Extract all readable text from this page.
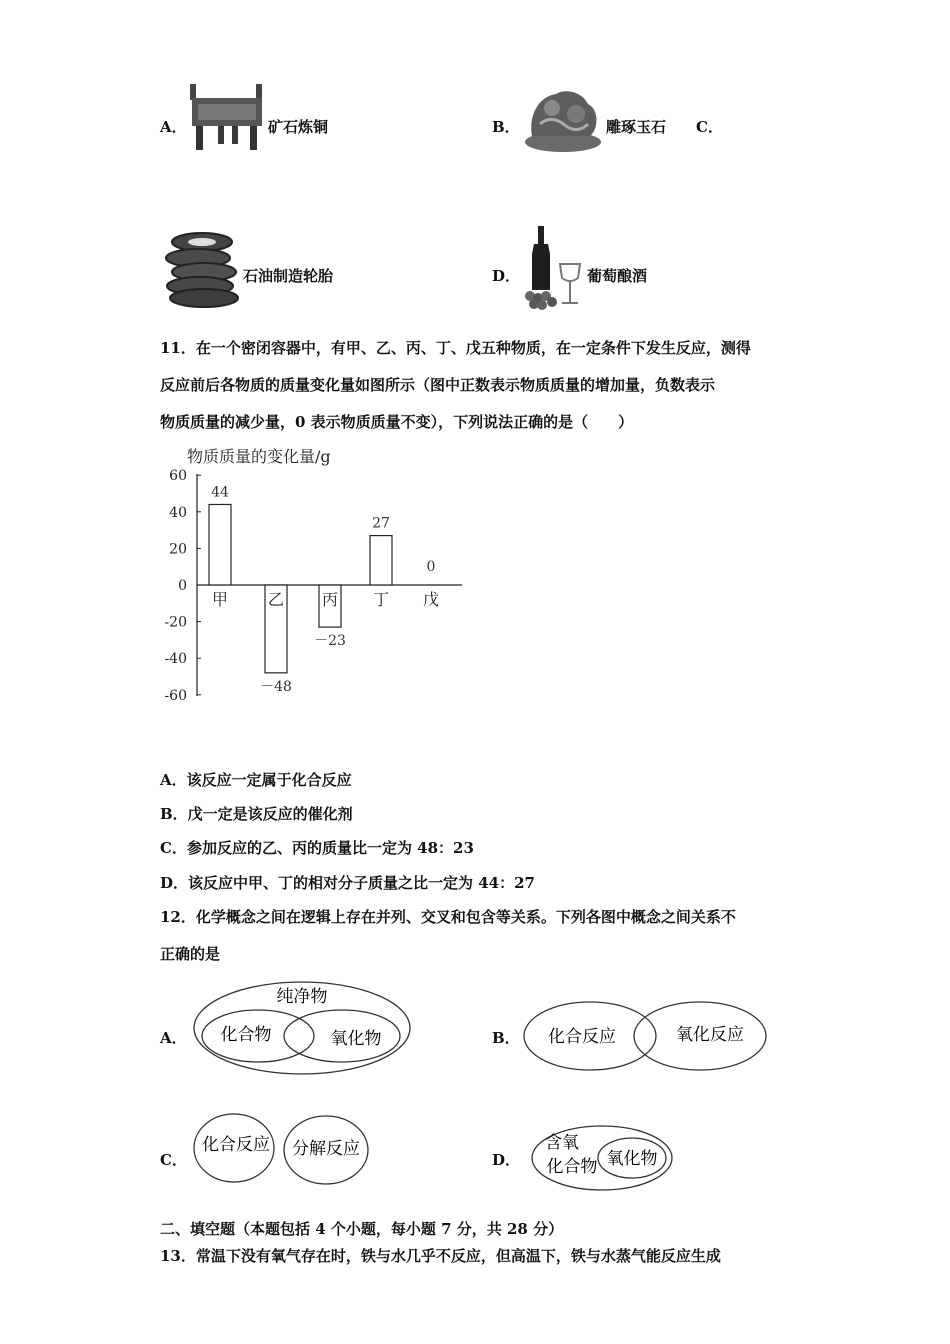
A．	矿石炼铜	B．	雕琢玉石 C．
石油制造轮胎	D．	葡萄酿酒
11．在一个密闭容器中，有甲、乙、丙、丁、戊五种物质，在一定条件下发生反应，测得
反应前后各物质的质量变化量如图所示（图中正数表示物质质量的增加量，负数表示
物质质量的减少量，0 表示物质质量不变），下列说法正确的是（　　）
物质质量的变化量/g
60
40
20
0
-20
-40
-60
甲 乙 丙 丁 戊
44
－48
－23
27
0
A．该反应一定属于化合反应
B．戊一定是该反应的催化剂
C．参加反应的乙、丙的质量比一定为 48：23
D．该反应中甲、丁的相对分子质量之比一定为 44：27
12．化学概念之间在逻辑上存在并列、交叉和包含等关系。下列各图中概念之间关系不
正确的是
A．
纯净物
化合物	氧化物	B． 化合反应	氧化反应
C．
化合反应 分解反应
D．
含氧
化合物 氧化物
二、填空题（本题包括 4 个小题，每小题 7 分，共 28 分）
13．常温下没有氧气存在时，铁与水几乎不反应，但高温下，铁与水蒸气能反应生成
